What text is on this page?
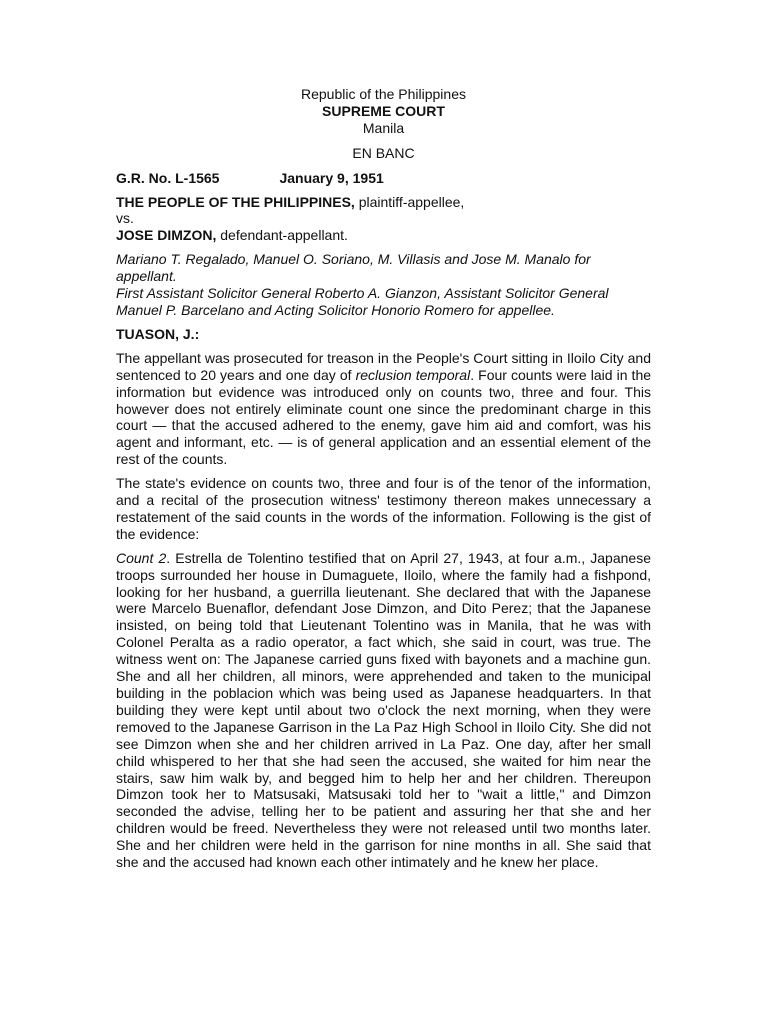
Republic of the Philippines
SUPREME COURT
Manila
EN BANC
G.R. No. L-1565	January 9, 1951
THE PEOPLE OF THE PHILIPPINES, plaintiff-appellee,
vs.
JOSE DIMZON, defendant-appellant.
Mariano T. Regalado, Manuel O. Soriano, M. Villasis and Jose M. Manalo for appellant.
First Assistant Solicitor General Roberto A. Gianzon, Assistant Solicitor General Manuel P. Barcelano and Acting Solicitor Honorio Romero for appellee.
TUASON, J.:

The appellant was prosecuted for treason in the People's Court sitting in Iloilo City and sentenced to 20 years and one day of reclusion temporal. Four counts were laid in the information but evidence was introduced only on counts two, three and four. This however does not entirely eliminate count one since the predominant charge in this court — that the accused adhered to the enemy, gave him aid and comfort, was his agent and informant, etc. — is of general application and an essential element of the rest of the counts.

The state's evidence on counts two, three and four is of the tenor of the information, and a recital of the prosecution witness' testimony thereon makes unnecessary a restatement of the said counts in the words of the information. Following is the gist of the evidence:

Count 2. Estrella de Tolentino testified that on April 27, 1943, at four a.m., Japanese troops surrounded her house in Dumaguete, Iloilo, where the family had a fishpond, looking for her husband, a guerrilla lieutenant. She declared that with the Japanese were Marcelo Buenaflor, defendant Jose Dimzon, and Dito Perez; that the Japanese insisted, on being told that Lieutenant Tolentino was in Manila, that he was with Colonel Peralta as a radio operator, a fact which, she said in court, was true. The witness went on: The Japanese carried guns fixed with bayonets and a machine gun. She and all her children, all minors, were apprehended and taken to the municipal building in the poblacion which was being used as Japanese headquarters. In that building they were kept until about two o'clock the next morning, when they were removed to the Japanese Garrison in the La Paz High School in Iloilo City. She did not see Dimzon when she and her children arrived in La Paz. One day, after her small child whispered to her that she had seen the accused, she waited for him near the stairs, saw him walk by, and begged him to help her and her children. Thereupon Dimzon took her to Matsusaki, Matsusaki told her to "wait a little," and Dimzon seconded the advise, telling her to be patient and assuring her that she and her children would be freed. Nevertheless they were not released until two months later. She and her children were held in the garrison for nine months in all. She said that she and the accused had known each other intimately and he knew her place.
